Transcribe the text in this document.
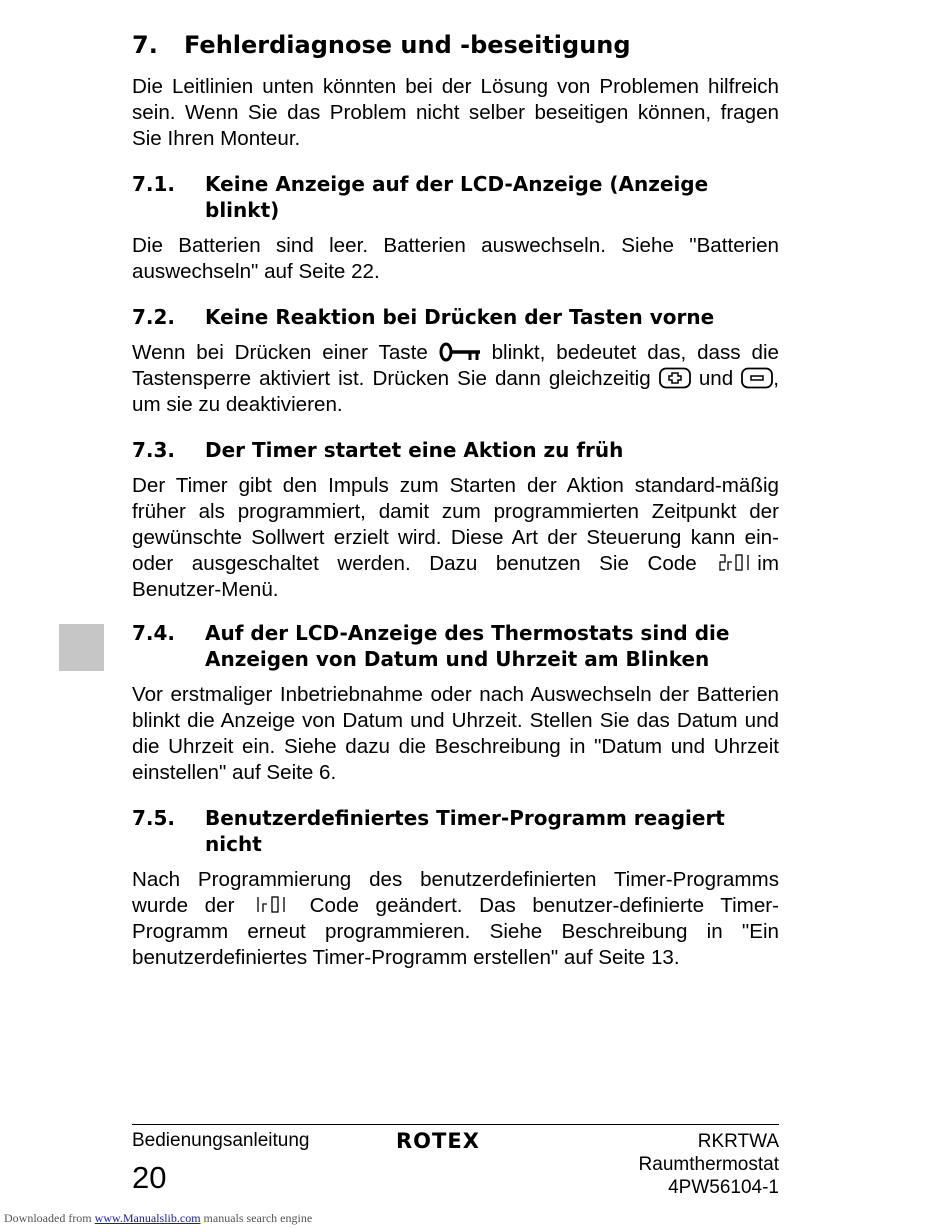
7.	Fehlerdiagnose und -beseitigung

Die Leitlinien unten könnten bei der Lösung von Problemen hilfreich sein. Wenn Sie das Problem nicht selber beseitigen können, fragen Sie Ihren Monteur.

7.1.	Keine Anzeige auf der LCD-Anzeige (Anzeige blinkt)

Die Batterien sind leer. Batterien auswechseln. Siehe "Batterien auswechseln" auf Seite 22.

7.2.	Keine Reaktion bei Drücken der Tasten vorne

Wenn bei Drücken einer Taste	blinkt, bedeutet das, dass die Tastensperre aktiviert ist. Drücken Sie dann gleichzeitig und , um sie zu deaktivieren.

7.3.	Der Timer startet eine Aktion zu früh

Der Timer gibt den Impuls zum Starten der Aktion standard-mäßig früher als programmiert, damit zum programmierten Zeitpunkt der gewünschte Sollwert erzielt wird. Diese Art der Steuerung kann ein- oder ausgeschaltet werden. Dazu benutzen Sie Code	im Benutzer-Menü.

7.4.	Auf der LCD-Anzeige des Thermostats sind die Anzeigen von Datum und Uhrzeit am Blinken

Vor erstmaliger Inbetriebnahme oder nach Auswechseln der Batterien blinkt die Anzeige von Datum und Uhrzeit. Stellen Sie das Datum und die Uhrzeit ein. Siehe dazu die Beschreibung in "Datum und Uhrzeit einstellen" auf Seite 6.

7.5.	Benutzerdefiniertes Timer-Programm reagiert nicht

Nach Programmierung des benutzerdefinierten Timer-Programms wurde der	Code geändert. Das benutzer-definierte Timer-Programm erneut programmieren. Siehe Beschreibung in "Ein benutzerdefiniertes Timer-Programm erstellen" auf Seite 13.

Bedienungsanleitung
20
ROTEX	RKRTWA
Raumthermostat
4PW56104-1
Downloaded from www.Manualslib.com manuals search engine
